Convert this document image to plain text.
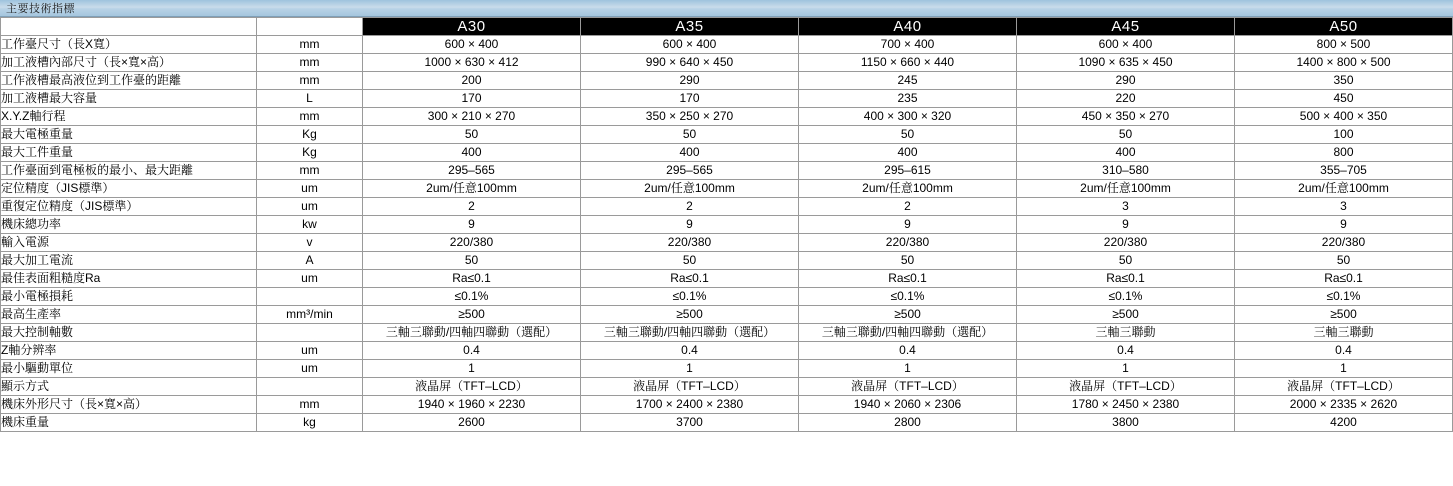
主要技術指標
名　　稱	單　位	A30	A35	A40	A45	A50
工作臺尺寸（長X寬）	mm	600 × 400	600 × 400	700 × 400	600 × 400	800 × 500
加工液槽內部尺寸（長×寬×高）	mm	1000 × 630 × 412	990 × 640 × 450	1150 × 660 × 440	1090 × 635 × 450	1400 × 800 × 500
工作液槽最高液位到工作臺的距離	mm	200	290	245	290	350
加工液槽最大容量	L	170	170	235	220	450
X.Y.Z軸行程	mm	300 × 210 × 270	350 × 250 × 270	400 × 300 × 320	450 × 350 × 270	500 × 400 × 350
最大電極重量	Kg	50	50	50	50	100
最大工件重量	Kg	400	400	400	400	800
工作臺面到電極板的最小、最大距離	mm	295–565	295–565	295–615	310–580	355–705
定位精度（JIS標準）	um	2um/任意100mm	2um/任意100mm	2um/任意100mm	2um/任意100mm	2um/任意100mm
重復定位精度（JIS標準）	um	2	2	2	3	3
機床總功率	kw	9	9	9	9	9
輸入電源	v	220/380	220/380	220/380	220/380	220/380
最大加工電流	A	50	50	50	50	50
最佳表面粗糙度Ra	um	Ra≤0.1	Ra≤0.1	Ra≤0.1	Ra≤0.1	Ra≤0.1
最小電極損耗		≤0.1%	≤0.1%	≤0.1%	≤0.1%	≤0.1%
最高生產率	mm³/min	≥500	≥500	≥500	≥500	≥500
最大控制軸數		三軸三聯動/四軸四聯動（選配）	三軸三聯動/四軸四聯動（選配）	三軸三聯動/四軸四聯動（選配）	三軸三聯動	三軸三聯動
Z軸分辨率	um	0.4	0.4	0.4	0.4	0.4
最小驅動單位	um	1	1	1	1	1
顯示方式		液晶屏（TFT–LCD）	液晶屏（TFT–LCD）	液晶屏（TFT–LCD）	液晶屏（TFT–LCD）	液晶屏（TFT–LCD）
機床外形尺寸（長×寬×高）	mm	1940 × 1960 × 2230	1700 × 2400 × 2380	1940 × 2060 × 2306	1780 × 2450 × 2380	2000 × 2335 × 2620
機床重量	kg	2600	3700	2800	3800	4200
